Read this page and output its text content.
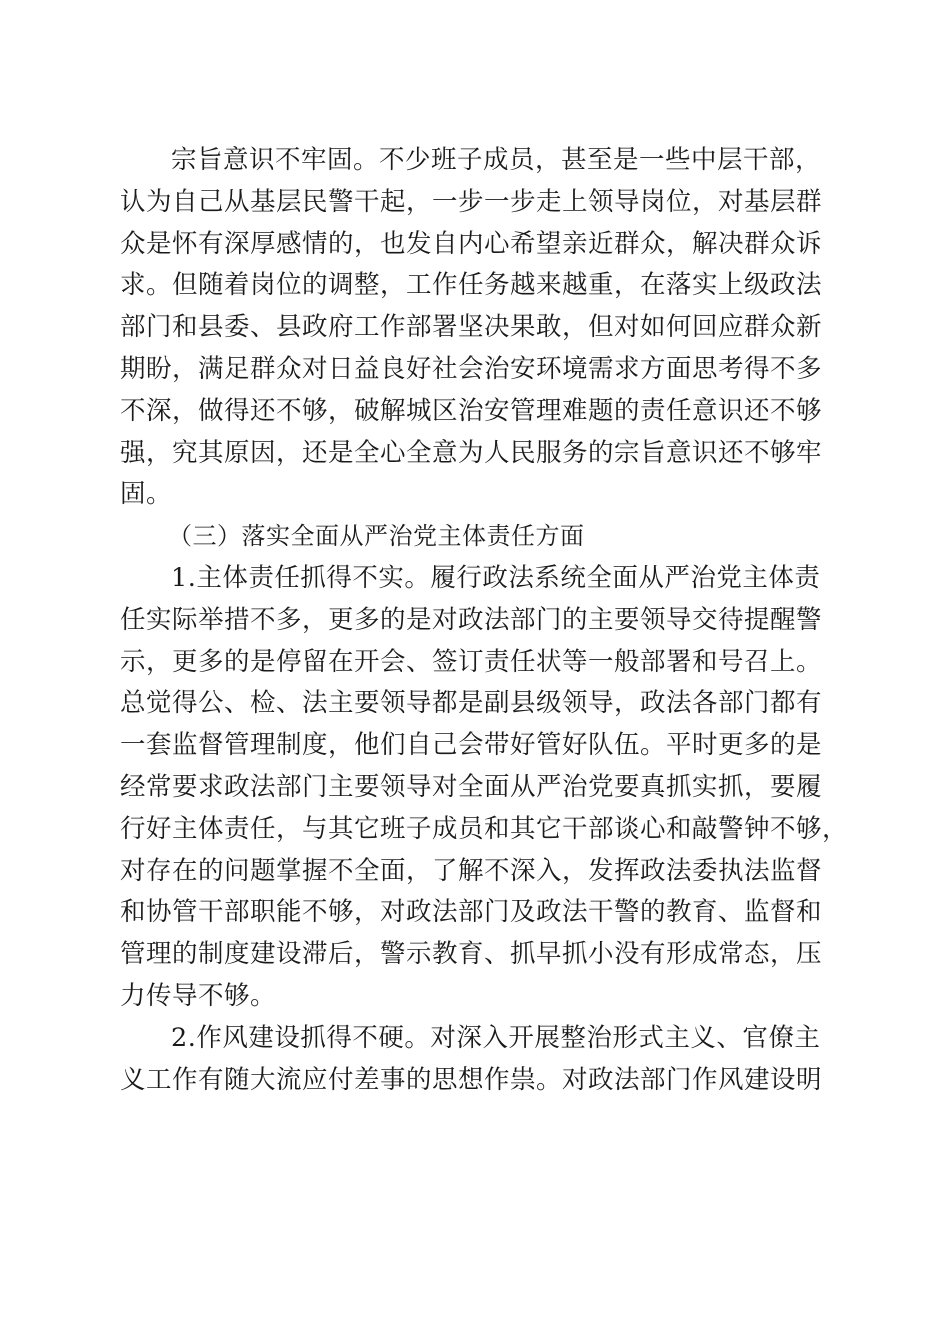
宗旨意识不牢固。不少班子成员，甚至是一些中层干部，
认为自己从基层民警干起，一步一步走上领导岗位，对基层群
众是怀有深厚感情的，也发自内心希望亲近群众，解决群众诉
求。但随着岗位的调整，工作任务越来越重，在落实上级政法
部门和县委、县政府工作部署坚决果敢，但对如何回应群众新
期盼，满足群众对日益良好社会治安环境需求方面思考得不多
不深，做得还不够，破解城区治安管理难题的责任意识还不够
强，究其原因，还是全心全意为人民服务的宗旨意识还不够牢
固。
（三）落实全面从严治党主体责任方面
1.主体责任抓得不实。履行政法系统全面从严治党主体责
任实际举措不多，更多的是对政法部门的主要领导交待提醒警
示，更多的是停留在开会、签订责任状等一般部署和号召上。
总觉得公、检、法主要领导都是副县级领导，政法各部门都有
一套监督管理制度，他们自己会带好管好队伍。平时更多的是
经常要求政法部门主要领导对全面从严治党要真抓实抓，要履
行好主体责任，与其它班子成员和其它干部谈心和敲警钟不够，
对存在的问题掌握不全面，了解不深入，发挥政法委执法监督
和协管干部职能不够，对政法部门及政法干警的教育、监督和
管理的制度建设滞后，警示教育、抓早抓小没有形成常态，压
力传导不够。
2.作风建设抓得不硬。对深入开展整治形式主义、官僚主
义工作有随大流应付差事的思想作祟。对政法部门作风建设明
